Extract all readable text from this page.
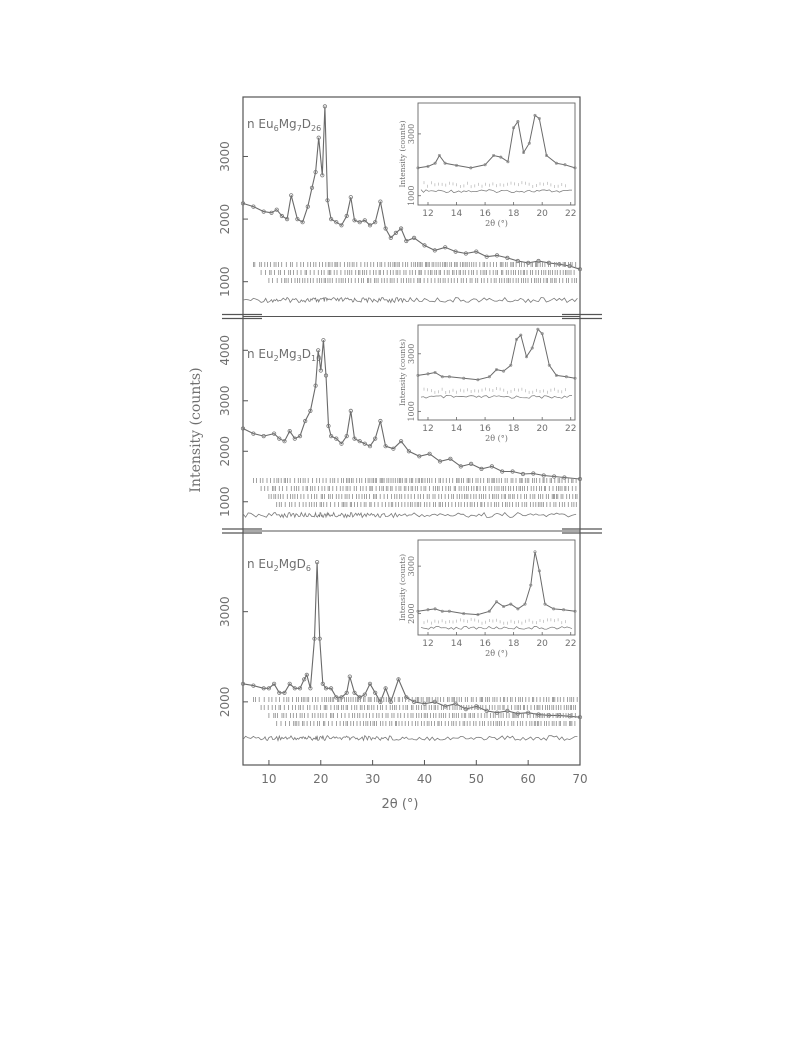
1000
2000
3000
n $Eu_6Mg_7D_{26}$
12 14 16 18 20 22
1000
3000
Intensity (counts)
2θ (°)
1000
2000
3000
4000 n $Eu_2Mg_3D_{10}$
12 14 16 18 20 22
1000
3000
Intensity (counts)
2θ (°)
2000
3000
n $Eu_2MgD_6$
12 14 16 18 20 22
2000
3000
Intensity (counts)
2θ (°)
10	20	30	40	50	60	70
Intensity (counts)
2θ (°)
